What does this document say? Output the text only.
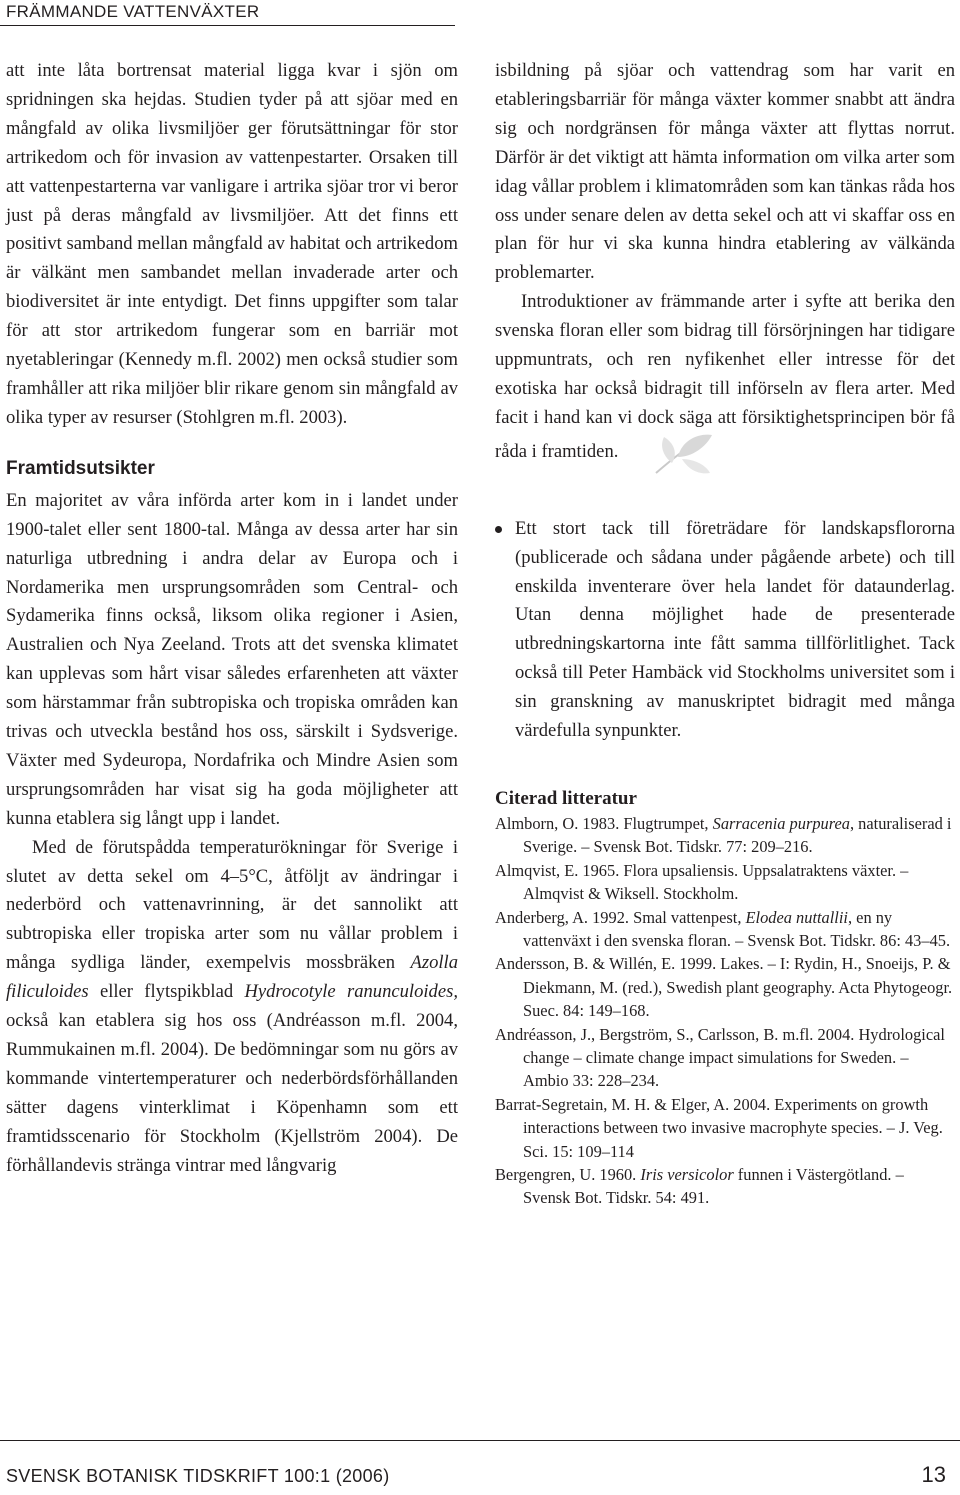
FRÄMMANDE VATTENVÄXTER

att inte låta bortrensat material ligga kvar i sjön om spridningen ska hejdas. Studien tyder på att sjöar med en mångfald av olika livsmiljöer ger förutsättningar för stor artrikedom och för invasion av vattenpestarter. Orsaken till att vattenpestarterna var vanligare i artrika sjöar tror vi beror just på deras mångfald av livsmiljöer. Att det finns ett positivt samband mellan mångfald av habitat och artrikedom är välkänt men sambandet mellan invaderade arter och biodiversitet är inte entydigt. Det finns uppgifter som talar för att stor artrikedom fungerar som en barriär mot nyetableringar (Kennedy m.fl. 2002) men också studier som framhåller att rika miljöer blir rikare genom sin mångfald av olika typer av resurser (Stohlgren m.fl. 2003).

Framtidsutsikter

En majoritet av våra införda arter kom in i landet under 1900-talet eller sent 1800-tal. Många av dessa arter har sin naturliga utbredning i andra delar av Europa och i Nordamerika men ursprungsområden som Central- och Sydamerika finns också, liksom olika regioner i Asien, Australien och Nya Zeeland. Trots att det svenska klimatet kan upplevas som hårt visar således erfarenheten att växter som härstammar från subtropiska och tropiska områden kan trivas och utveckla bestånd hos oss, särskilt i Sydsverige. Växter med Sydeuropa, Nordafrika och Mindre Asien som ursprungsområden har visat sig ha goda möjligheter att kunna etablera sig långt upp i landet.

Med de förutspådda temperaturökningar för Sverige i slutet av detta sekel om 4–5°C, åtföljt av ändringar i nederbörd och vattenavrinning, är det sannolikt att subtropiska eller tropiska arter som nu vållar problem i många sydliga länder, exempelvis mossbräken Azolla filiculoides eller flytspikblad Hydrocotyle ranunculoides, också kan etablera sig hos oss (Andréasson m.fl. 2004, Rummukainen m.fl. 2004). De bedömningar som nu görs av kommande vintertemperaturer och nederbördsförhållanden sätter dagens vinterklimat i Köpenhamn som ett framtidsscenario för Stockholm (Kjellström 2004). De förhållandevis stränga vintrar med långvarig

isbildning på sjöar och vattendrag som har varit en etableringsbarriär för många växter kommer snabbt att ändra sig och nordgränsen för många växter att flyttas norrut. Därför är det viktigt att hämta information om vilka arter som idag vållar problem i klimatområden som kan tänkas råda hos oss under senare delen av detta sekel och att vi skaffar oss en plan för hur vi ska kunna hindra etablering av välkända problemarter.

Introduktioner av främmande arter i syfte att berika den svenska floran eller som bidrag till försörjningen har tidigare uppmuntrats, och ren nyfikenhet eller intresse för det exotiska har också bidragit till införseln av flera arter. Med facit i hand kan vi dock säga att försiktighetsprincipen bör få råda i framtiden.

Ett stort tack till företrädare för landskapsflororna (publicerade och sådana under pågående arbete) och till enskilda inventerare över hela landet för dataunderlag. Utan denna möjlighet hade de presenterade utbredningskartorna inte fått samma tillförlitlighet. Tack också till Peter Hambäck vid Stockholms universitet som i sin granskning av manuskriptet bidragit med många värdefulla synpunkter.
Citerad litteratur

Almborn, O. 1983. Flugtrumpet, Sarracenia purpurea, naturaliserad i Sverige. – Svensk Bot. Tidskr. 77: 209–216.

Almqvist, E. 1965. Flora upsaliensis. Uppsalatraktens växter. – Almqvist & Wiksell. Stockholm.

Anderberg, A. 1992. Smal vattenpest, Elodea nuttallii, en ny vattenväxt i den svenska floran. – Svensk Bot. Tidskr. 86: 43–45.

Andersson, B. & Willén, E. 1999. Lakes. – I: Rydin, H., Snoeijs, P. & Diekmann, M. (red.), Swedish plant geography. Acta Phytogeogr. Suec. 84: 149–168.

Andréasson, J., Bergström, S., Carlsson, B. m.fl. 2004. Hydrological change – climate change impact simulations for Sweden. – Ambio 33: 228–234.

Barrat-Segretain, M. H. & Elger, A. 2004. Experiments on growth interactions between two invasive macrophyte species. – J. Veg. Sci. 15: 109–114

Bergengren, U. 1960. Iris versicolor funnen i Västergötland. – Svensk Bot. Tidskr. 54: 491.

SVENSK BOTANISK TIDSKRIFT 100:1 (2006)	13
